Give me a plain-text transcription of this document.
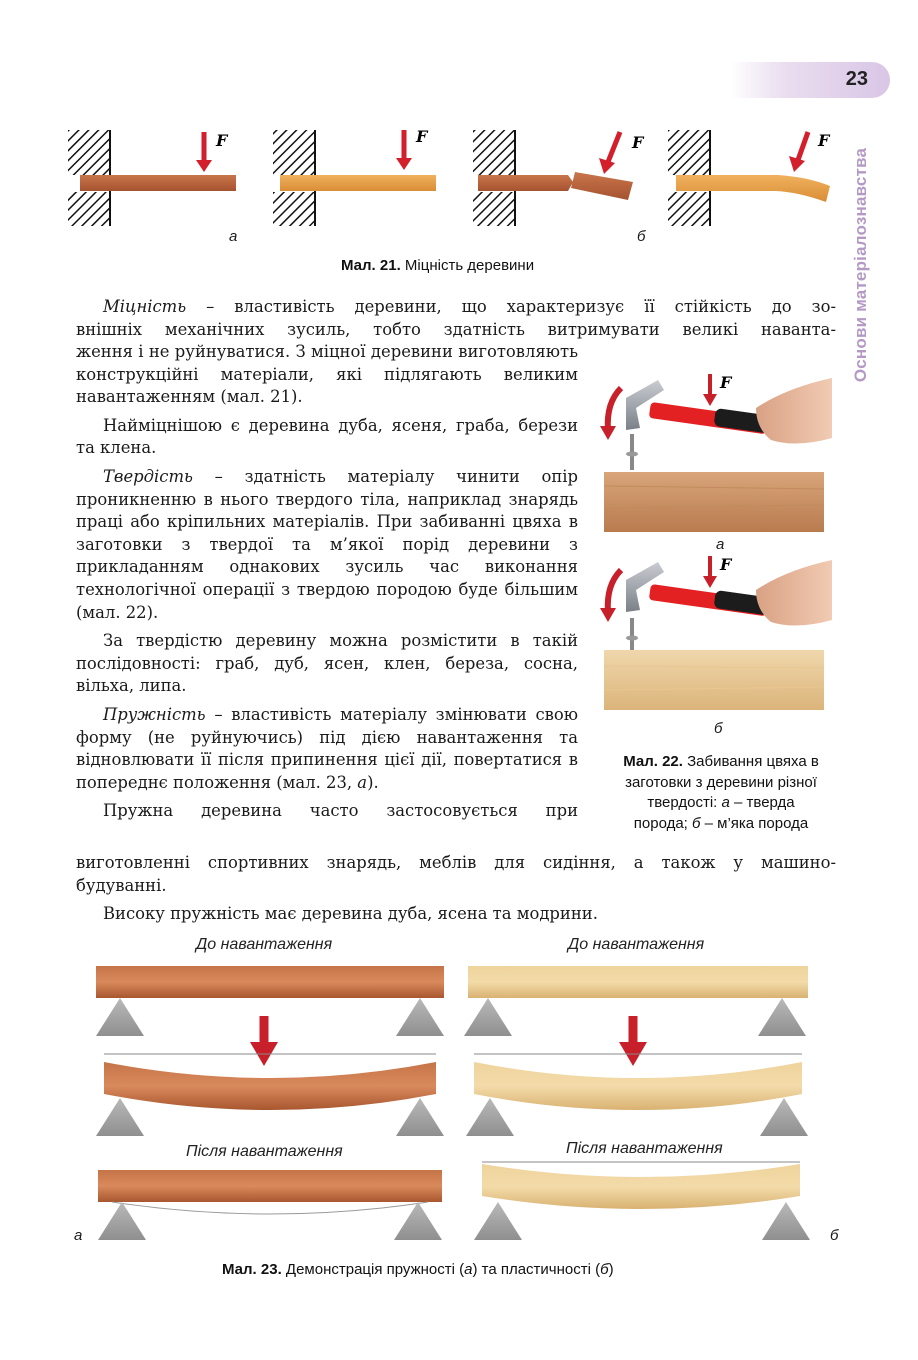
23
Основи матеріалознавства
F	F	F	F
а	б
Мал. 21. Міцність деревини

Міцність – властивість деревини, що характеризує її стійкість до зо-

внішніх механічних зусиль, тобто здатність витримувати великі наванта-

ження і не руйнуватися. З міцної деревини виготовляють конструкційні матеріали, які підлягають великим навантаженням (мал. 21).

Найміцнішою є деревина дуба, ясеня, граба, берези та клена.

Твердість – здатність матеріалу чинити опір проникненню в нього твердого тіла, наприклад знарядь праці або кріпильних матеріалів. При забиванні цвяха в заготовки з твердої та м’якої порід деревини з прикладанням однакових зусиль час виконання технологічної операції з твердою породою буде більшим (мал. 22).

За твердістю деревину можна розмістити в такій послідовності: граб, дуб, ясен, клен, береза, сосна, вільха, липа.

Пружність – властивість матеріалу змінювати свою форму (не руйнуючись) під дією навантаження та відновлювати її після припинення цієї дії, повертатися в попереднє положення (мал. 23, а).

Пружна деревина часто застосовується при

виготовленні спортивних знарядь, меблів для сидіння, а також у машино-

будуванні.

Високу пружність має деревина дуба, ясена та модрини.

F
F
а
б
Мал. 22. Забивання цвяха в
заготовки з деревини різної
твердості: а – тверда
порода; б – м’яка порода
До навантаження	До навантаження
Після навантаження	Після навантаження
а	б
Мал. 23. Демонстрація пружності (а) та пластичності (б)
